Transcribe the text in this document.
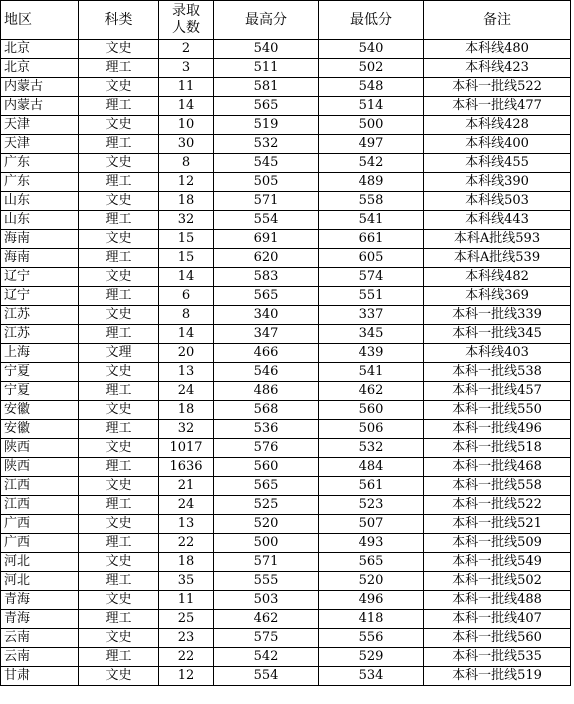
地区	科类	录取
人数	最高分	最低分	备注
北京	文史	2	540	540	本科线480
北京	理工	3	511	502	本科线423
内蒙古	文史	11	581	548	本科一批线522
内蒙古	理工	14	565	514	本科一批线477
天津	文史	10	519	500	本科线428
天津	理工	30	532	497	本科线400
广东	文史	8	545	542	本科线455
广东	理工	12	505	489	本科线390
山东	文史	18	571	558	本科线503
山东	理工	32	554	541	本科线443
海南	文史	15	691	661	本科A批线593
海南	理工	15	620	605	本科A批线539
辽宁	文史	14	583	574	本科线482
辽宁	理工	6	565	551	本科线369
江苏	文史	8	340	337	本科一批线339
江苏	理工	14	347	345	本科一批线345
上海	文理	20	466	439	本科线403
宁夏	文史	13	546	541	本科一批线538
宁夏	理工	24	486	462	本科一批线457
安徽	文史	18	568	560	本科一批线550
安徽	理工	32	536	506	本科一批线496
陕西	文史	1017	576	532	本科一批线518
陕西	理工	1636	560	484	本科一批线468
江西	文史	21	565	561	本科一批线558
江西	理工	24	525	523	本科一批线522
广西	文史	13	520	507	本科一批线521
广西	理工	22	500	493	本科一批线509
河北	文史	18	571	565	本科一批线549
河北	理工	35	555	520	本科一批线502
青海	文史	11	503	496	本科一批线488
青海	理工	25	462	418	本科一批线407
云南	文史	23	575	556	本科一批线560
云南	理工	22	542	529	本科一批线535
甘肃	文史	12	554	534	本科一批线519
